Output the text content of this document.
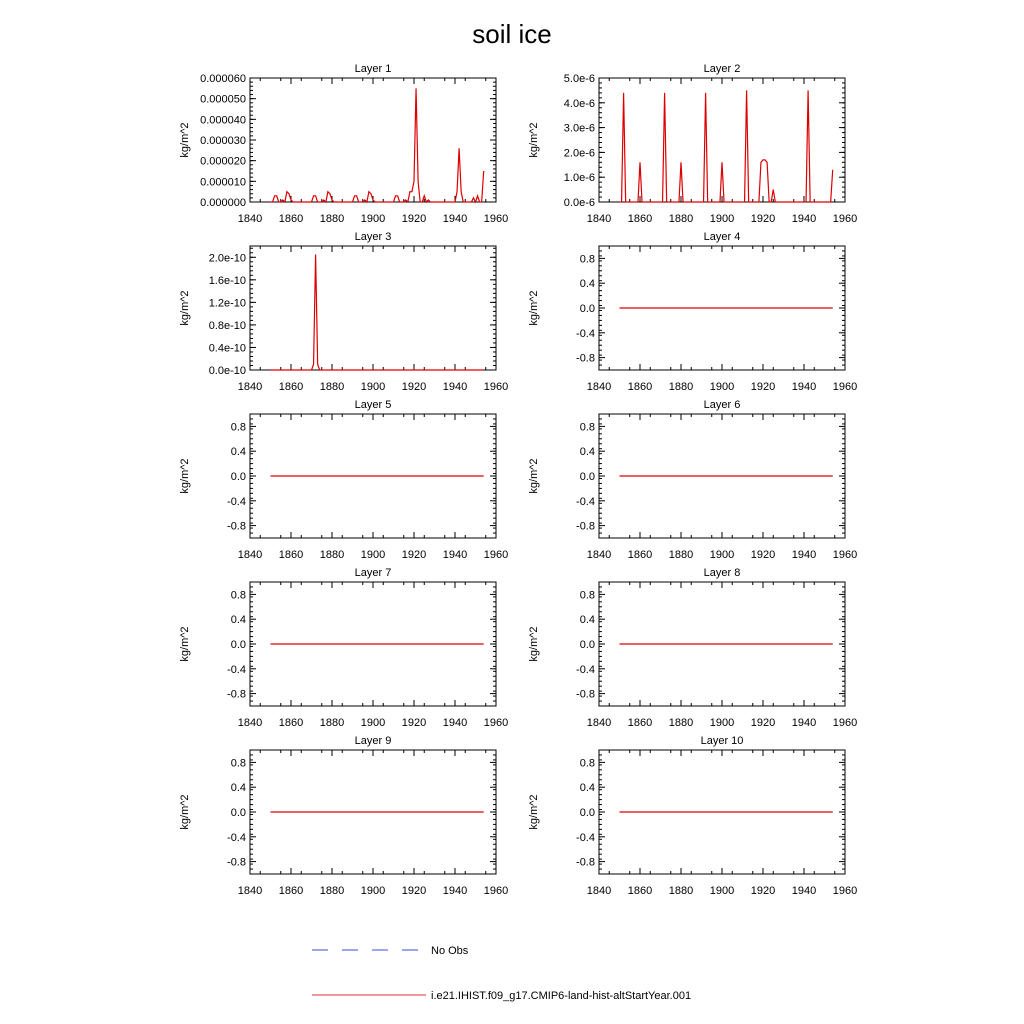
soil ice
Layer 1
kg/m^2
1840 1860 1880 1900 1920 1940 1960
0.000000
0.000010
0.000020
0.000030
0.000040
0.000050
0.000060
Layer 2
kg/m^2
1840 1860 1880 1900 1920 1940 1960
0.0e-6
1.0e-6
2.0e-6
3.0e-6
4.0e-6
5.0e-6
Layer 3
kg/m^2
1840 1860 1880 1900 1920 1940 1960
0.0e-10
0.4e-10
0.8e-10
1.2e-10
1.6e-10
2.0e-10
Layer 4
kg/m^2
1840 1860 1880 1900 1920 1940 1960
-0.8
-0.4
0.0
0.4
0.8
Layer 5
kg/m^2
1840 1860 1880 1900 1920 1940 1960
-0.8
-0.4
0.0
0.4
0.8
Layer 6
kg/m^2
1840 1860 1880 1900 1920 1940 1960
-0.8
-0.4
0.0
0.4
0.8
Layer 7
kg/m^2
1840 1860 1880 1900 1920 1940 1960
-0.8
-0.4
0.0
0.4
0.8
Layer 8
kg/m^2
1840 1860 1880 1900 1920 1940 1960
-0.8
-0.4
0.0
0.4
0.8
Layer 9
kg/m^2
1840 1860 1880 1900 1920 1940 1960
-0.8
-0.4
0.0
0.4
0.8
Layer 10
kg/m^2
1840 1860 1880 1900 1920 1940 1960
-0.8
-0.4
0.0
0.4
0.8
No Obs
i.e21.IHIST.f09_g17.CMIP6-land-hist-altStartYear.001
